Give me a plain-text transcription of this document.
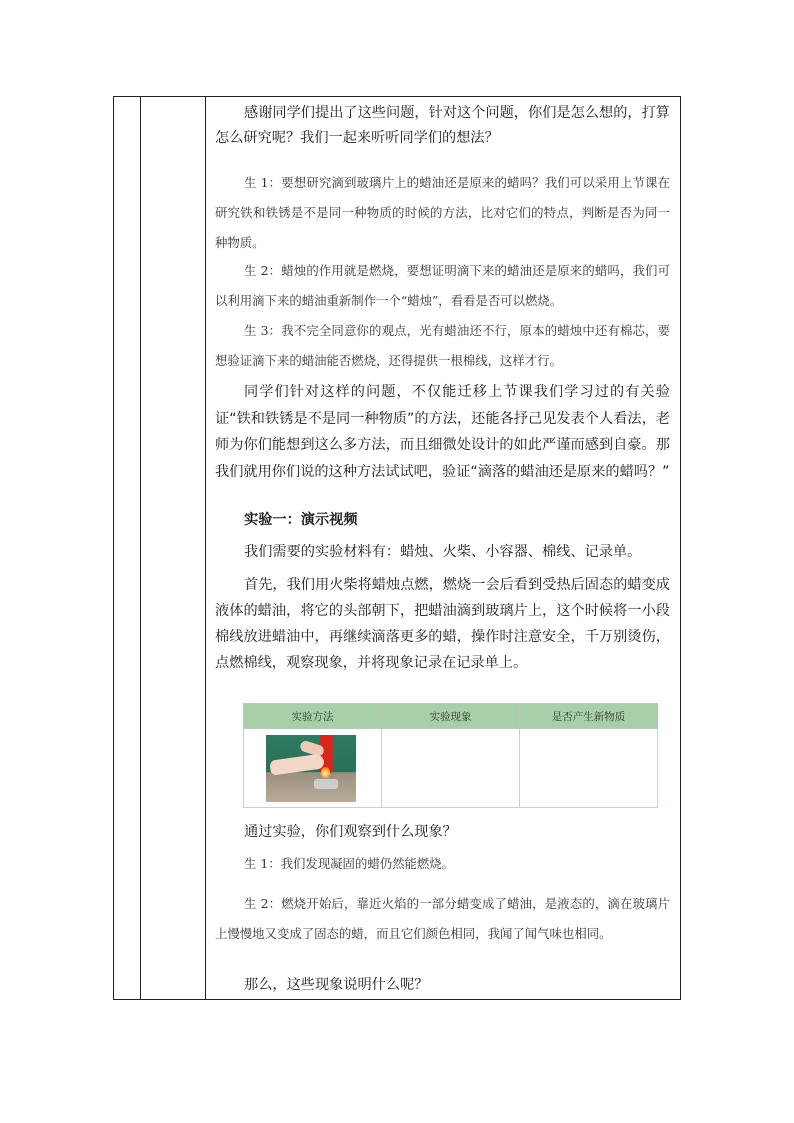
感谢同学们提出了这些问题，针对这个问题，你们是怎么想的，打算怎么研究呢？我们一起来听听同学们的想法？

生 1：要想研究滴到玻璃片上的蜡油还是原来的蜡吗？我们可以采用上节课在研究铁和铁锈是不是同一种物质的时候的方法，比对它们的特点，判断是否为同一种物质。

生 2：蜡烛的作用就是燃烧，要想证明滴下来的蜡油还是原来的蜡吗，我们可以利用滴下来的蜡油重新制作一个“蜡烛”，看看是否可以燃烧。

生 3：我不完全同意你的观点，光有蜡油还不行，原本的蜡烛中还有棉芯，要想验证滴下来的蜡油能否燃烧，还得提供一根棉线，这样才行。

同学们针对这样的问题，不仅能迁移上节课我们学习过的有关验证“铁和铁锈是不是同一种物质”的方法，还能各抒己见发表个人看法，老师为你们能想到这么多方法，而且细微处设计的如此严谨而感到自豪。那我们就用你们说的这种方法试试吧，验证“滴落的蜡油还是原来的蜡吗？”

实验一：演示视频

我们需要的实验材料有：蜡烛、火柴、小容器、棉线、记录单。

首先，我们用火柴将蜡烛点燃，燃烧一会后看到受热后固态的蜡变成液体的蜡油，将它的头部朝下，把蜡油滴到玻璃片上，这个时候将一小段棉线放进蜡油中，再继续滴落更多的蜡，操作时注意安全，千万别烫伤，点燃棉线，观察现象，并将现象记录在记录单上。

实验方法	实验现象	是否产生新物质

通过实验，你们观察到什么现象？

生 1：我们发现凝固的蜡仍然能燃烧。

生 2：燃烧开始后，靠近火焰的一部分蜡变成了蜡油，是液态的，滴在玻璃片上慢慢地又变成了固态的蜡，而且它们颜色相同，我闻了闻气味也相同。

那么，这些现象说明什么呢？
